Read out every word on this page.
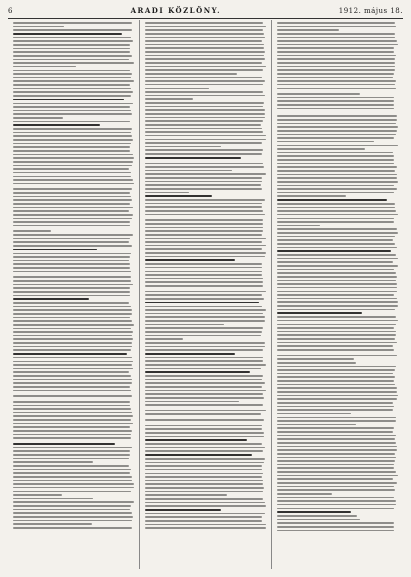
6	ARADI KÖZLÖNY.	1912. május 18.
